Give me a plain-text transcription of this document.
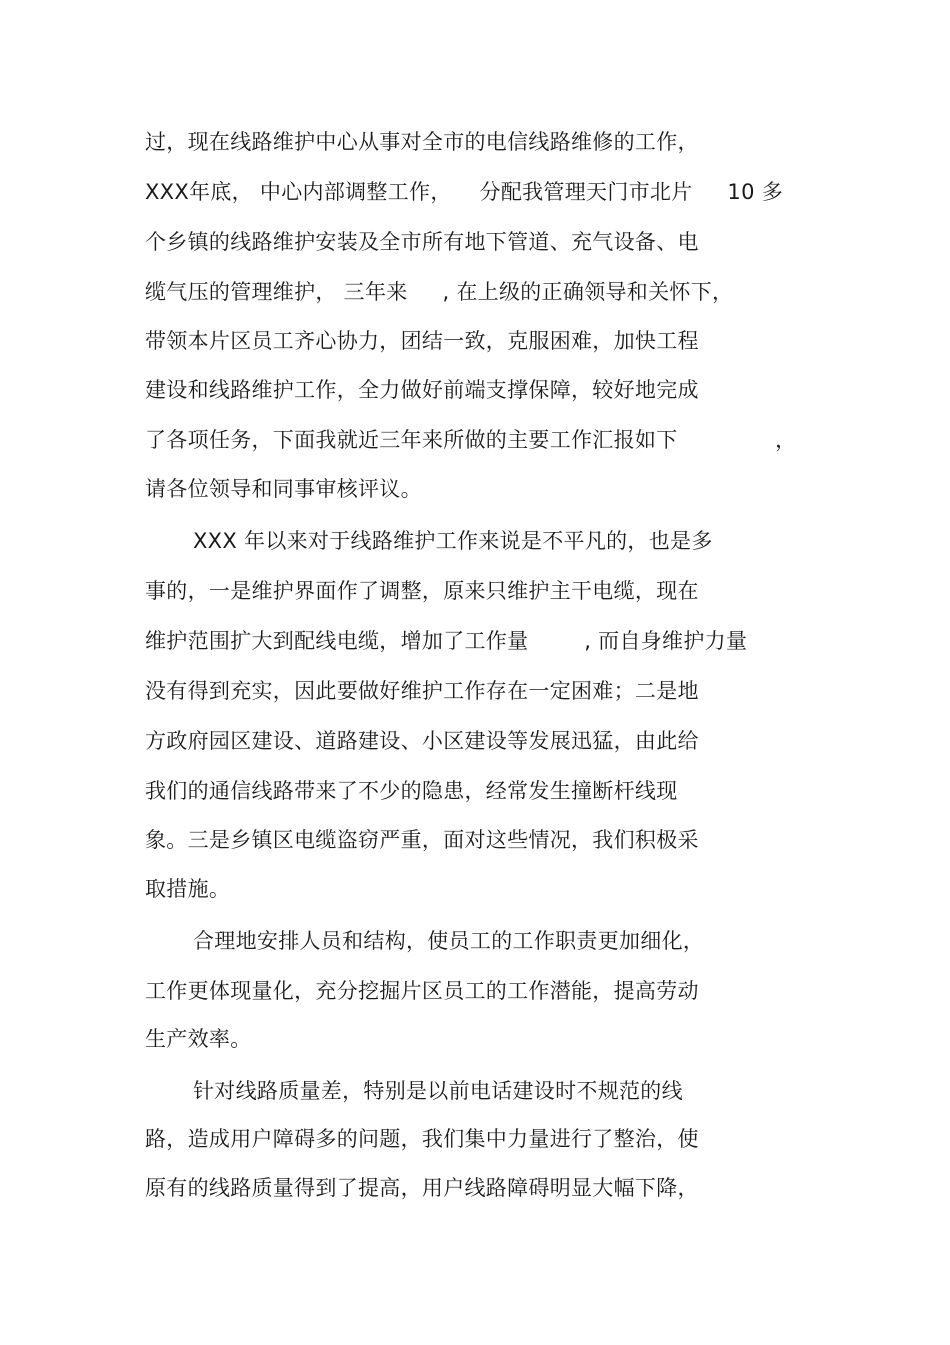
过，现在线路维护中心从事对全市的电信线路维修的工作，
XXX年底， 中心内部调整工作，    分配我管理天门市北片     10 多
个乡镇的线路维护安装及全市所有地下管道、充气设备、电
缆气压的管理维护， 三年来     , 在上级的正确领导和关怀下，
带领本片区员工齐心协力，团结一致，克服困难，加快工程
建设和线路维护工作，全力做好前端支撑保障，较好地完成
了各项任务，下面我就近三年来所做的主要工作汇报如下              ，
请各位领导和同事审核评议。
XXX 年以来对于线路维护工作来说是不平凡的，也是多
事的，一是维护界面作了调整，原来只维护主干电缆，现在
维护范围扩大到配线电缆，增加了工作量        , 而自身维护力量
没有得到充实，因此要做好维护工作存在一定困难；二是地
方政府园区建设、道路建设、小区建设等发展迅猛，由此给
我们的通信线路带来了不少的隐患，经常发生撞断杆线现
象。三是乡镇区电缆盗窃严重，面对这些情况，我们积极采
取措施。
合理地安排人员和结构，使员工的工作职责更加细化，
工作更体现量化，充分挖掘片区员工的工作潜能，提高劳动
生产效率。
针对线路质量差，特别是以前电话建设时不规范的线
路，造成用户障碍多的问题，我们集中力量进行了整治，使
原有的线路质量得到了提高，用户线路障碍明显大幅下降，
